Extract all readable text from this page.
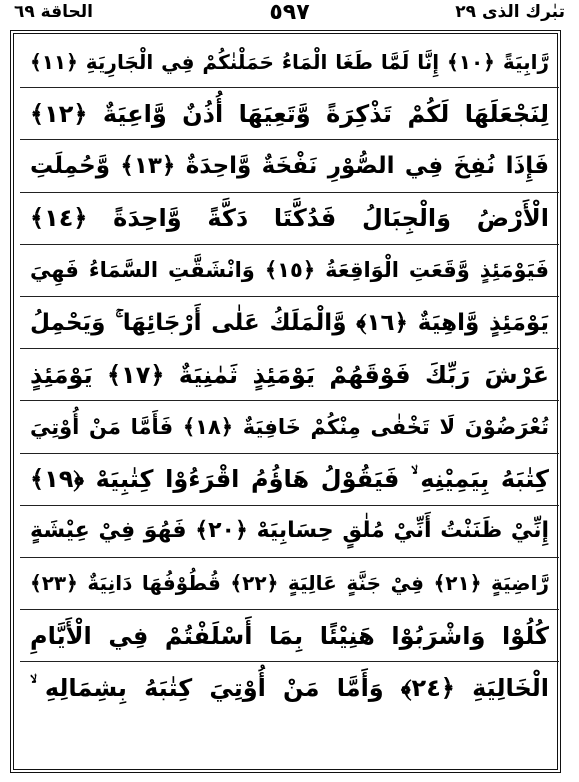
تبٰرك الذى ٢٩
٥٩٧
الحاقة ٦٩
رَّابِيَةً ﴿١٠﴾ إِنَّا لَمَّا طَغَا الْمَاءُ حَمَلْنٰكُمْ فِي الْجَارِيَةِ ﴿١١﴾
لِنَجْعَلَهَا لَكُمْ تَذْكِرَةً وَّتَعِيَهَا أُذُنٌ وَّاعِيَةٌ ﴿١٢﴾
فَإِذَا نُفِخَ فِي الصُّوْرِ نَفْخَةٌ وَّاحِدَةٌ ﴿١٣﴾ وَّحُمِلَتِ
الْأَرْضُ وَالْجِبَالُ فَدُكَّتَا دَكَّةً وَّاحِدَةً ﴿١٤﴾
فَيَوْمَئِذٍ وَّقَعَتِ الْوَاقِعَةُ ﴿١٥﴾ وَانْشَقَّتِ السَّمَاءُ فَهِيَ
يَوْمَئِذٍ وَّاهِيَةٌ ﴿١٦﴾ وَّالْمَلَكُ عَلٰى أَرْجَائِهَا ۚ وَيَحْمِلُ
عَرْشَ رَبِّكَ فَوْقَهُمْ يَوْمَئِذٍ ثَمٰنِيَةٌ ﴿١٧﴾ يَوْمَئِذٍ
تُعْرَضُوْنَ لَا تَخْفٰى مِنْكُمْ خَافِيَةٌ ﴿١٨﴾ فَأَمَّا مَنْ أُوْتِيَ
كِتٰبَهُ بِيَمِيْنِهِ ۙ فَيَقُوْلُ هَاؤُمُ اقْرَءُوْا كِتٰبِيَهْ ﴿١٩﴾
إِنِّيْ ظَنَنْتُ أَنِّيْ مُلٰقٍ حِسَابِيَهْ ﴿٢٠﴾ فَهُوَ فِيْ عِيْشَةٍ
رَّاضِيَةٍ ﴿٢١﴾ فِيْ جَنَّةٍ عَالِيَةٍ ﴿٢٢﴾ قُطُوْفُهَا دَانِيَةٌ ﴿٢٣﴾
كُلُوْا وَاشْرَبُوْا هَنِيْئًا بِمَا أَسْلَفْتُمْ فِي الْأَيَّامِ
الْخَالِيَةِ ﴿٢٤﴾ وَأَمَّا مَنْ أُوْتِيَ كِتٰبَهُ بِشِمَالِهِ ۙ
